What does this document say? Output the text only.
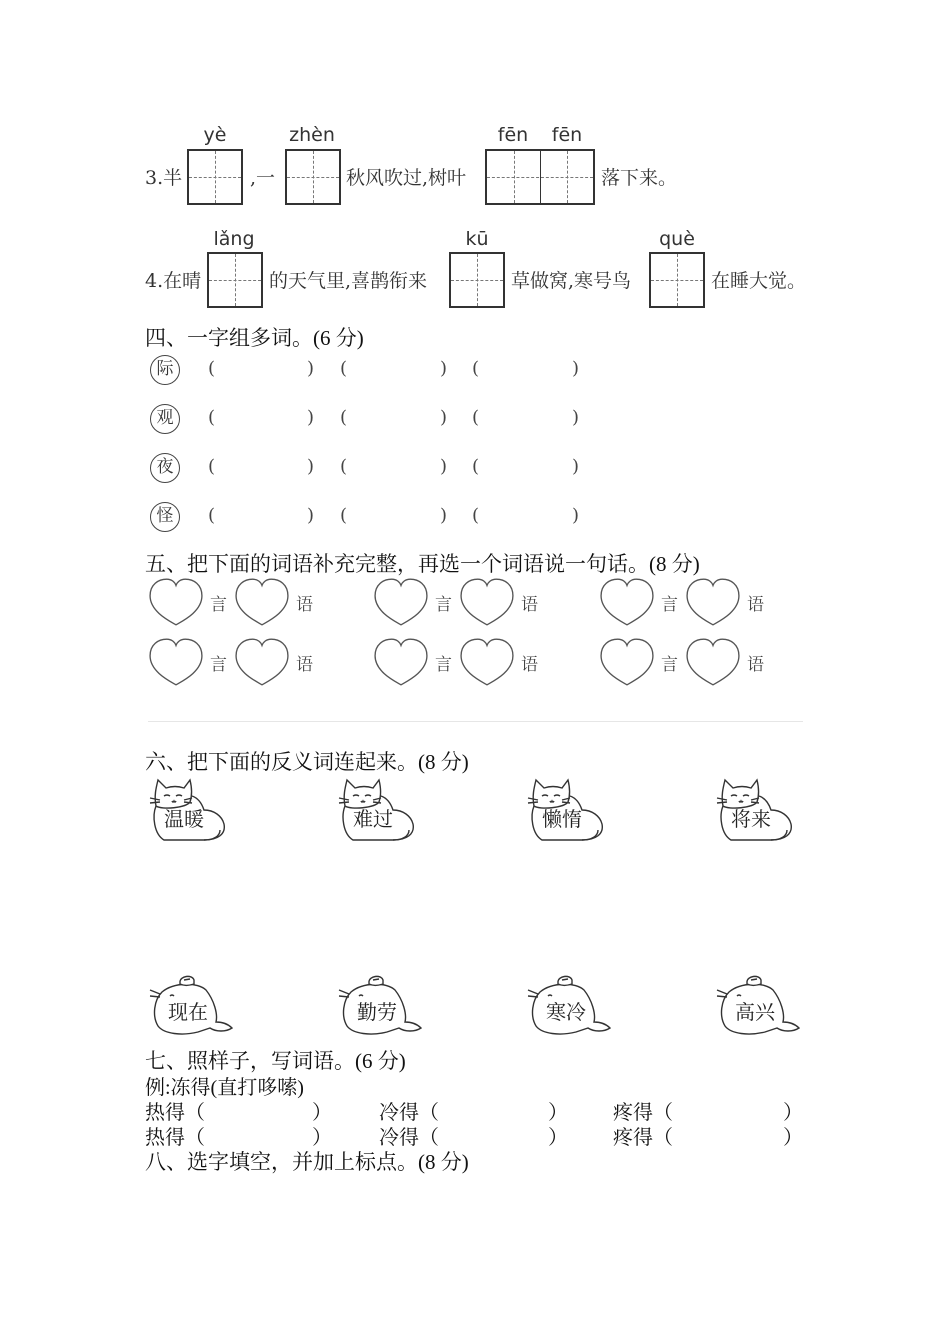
yè	zhèn	fēn	fēn
3.半	,一	秋风吹过,树叶	落下来。
lǎng	kū	què
4.在晴	的天气里,喜鹊衔来	草做窝,寒号鸟	在睡大觉。
四、一字组多词。(6 分)
际	(	) (	) (	)
观	(	) (	) (	)
夜	(	) (	) (	)
怪	(	) (	) (	)
五、把下面的词语补充完整，再选一个词语说一句话。(8 分)
言	语	言	语	言	语
言	语	言	语	言	语
六、把下面的反义词连起来。(8 分)
温暖	难过	懒惰	将来
现在	勤劳	寒冷	高兴
七、照样子，写词语。(6 分)
例:冻得(直打哆嗦)
热得（	） 冷得（	） 疼得（	）
热得（	） 冷得（	） 疼得（	）
八、选字填空，并加上标点。(8 分)
